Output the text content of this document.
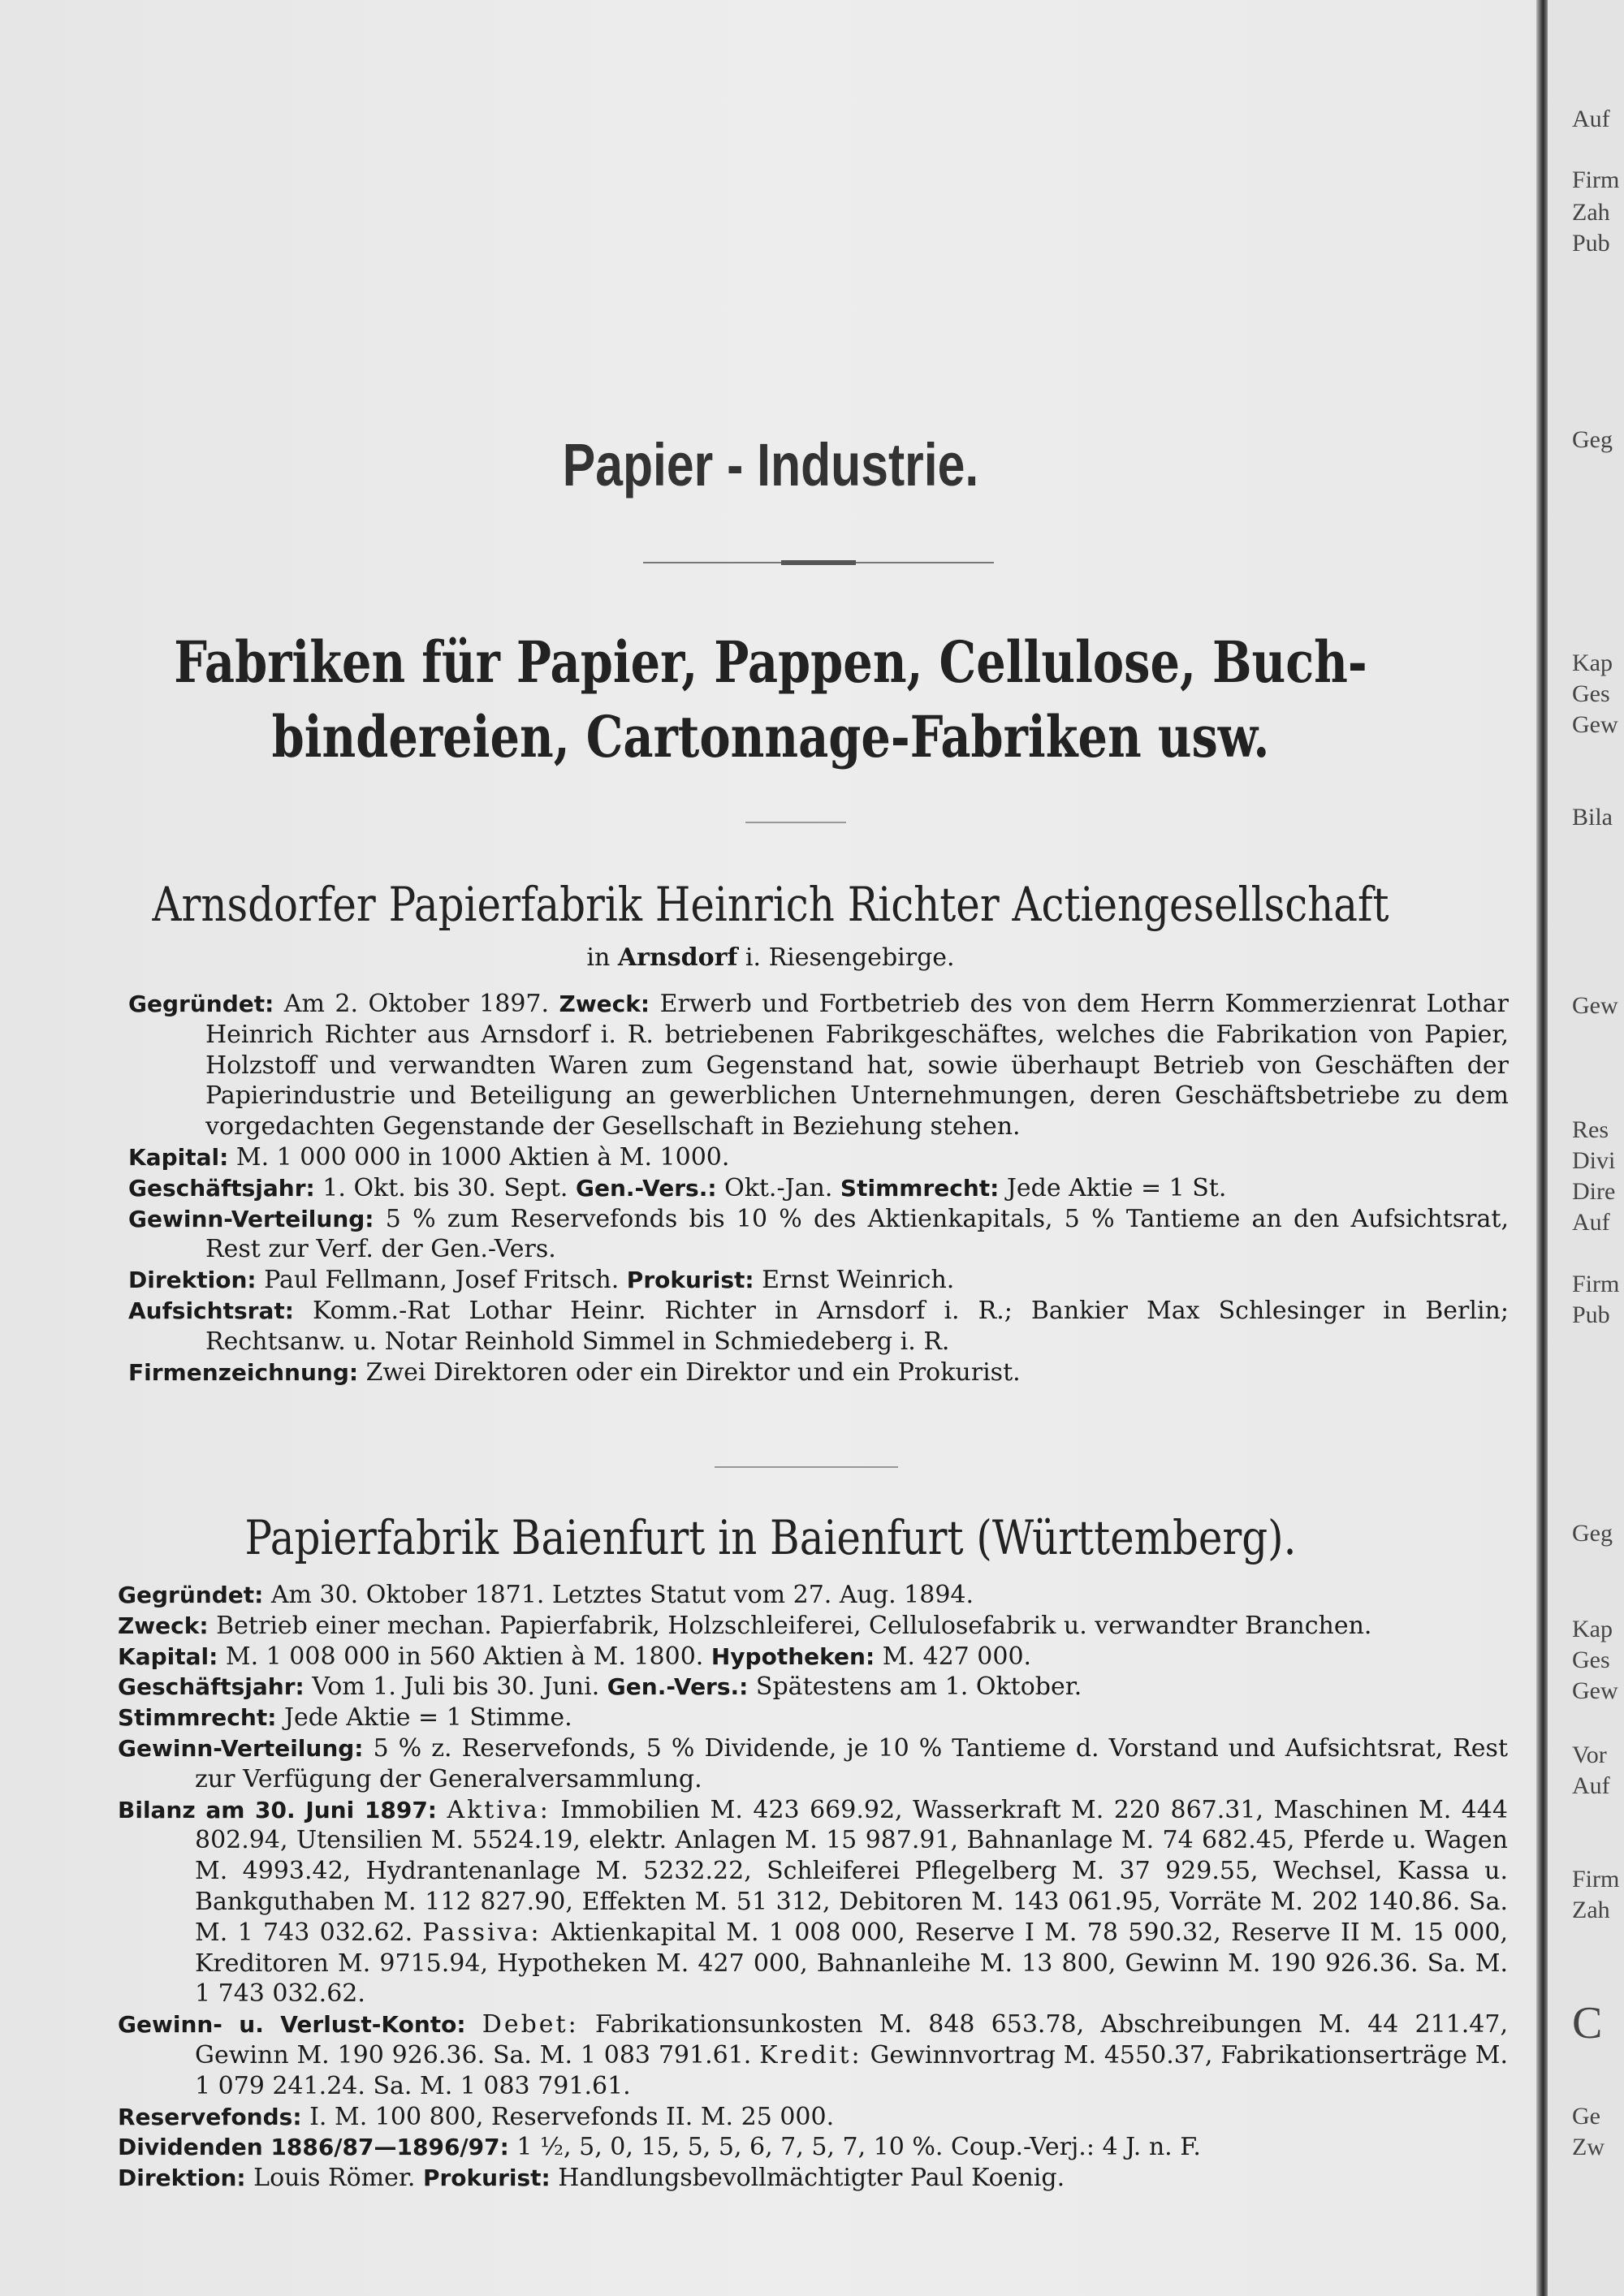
Papier - Industrie.
Fabriken für Papier, Pappen, Cellulose, Buch-
bindereien, Cartonnage-Fabriken usw.
Arnsdorfer Papierfabrik Heinrich Richter Actiengesellschaft
in Arnsdorf i. Riesengebirge.

Gegründet: Am 2. Oktober 1897. Zweck: Erwerb und Fortbetrieb des von dem Herrn Kommerzienrat Lothar Heinrich Richter aus Arnsdorf i. R. betriebenen Fabrikgeschäftes, welches die Fabrikation von Papier, Holzstoff und verwandten Waren zum Gegenstand hat, sowie überhaupt Betrieb von Geschäften der Papierindustrie und Beteiligung an gewerblichen Unternehmungen, deren Geschäftsbetriebe zu dem vorgedachten Gegenstande der Gesellschaft in Beziehung stehen.

Kapital: M. 1 000 000 in 1000 Aktien à M. 1000.

Geschäftsjahr: 1. Okt. bis 30. Sept. Gen.-Vers.: Okt.-Jan. Stimmrecht: Jede Aktie = 1 St.

Gewinn-Verteilung: 5 % zum Reservefonds bis 10 % des Aktienkapitals, 5 % Tantieme an den Aufsichtsrat, Rest zur Verf. der Gen.-Vers.

Direktion: Paul Fellmann, Josef Fritsch. Prokurist: Ernst Weinrich.

Aufsichtsrat: Komm.-Rat Lothar Heinr. Richter in Arnsdorf i. R.; Bankier Max Schlesinger in Berlin; Rechtsanw. u. Notar Reinhold Simmel in Schmiedeberg i. R.

Firmenzeichnung: Zwei Direktoren oder ein Direktor und ein Prokurist.

Papierfabrik Baienfurt in Baienfurt (Württemberg).

Gegründet: Am 30. Oktober 1871. Letztes Statut vom 27. Aug. 1894.

Zweck: Betrieb einer mechan. Papierfabrik, Holzschleiferei, Cellulosefabrik u. verwandter Branchen.

Kapital: M. 1 008 000 in 560 Aktien à M. 1800. Hypotheken: M. 427 000.

Geschäftsjahr: Vom 1. Juli bis 30. Juni. Gen.-Vers.: Spätestens am 1. Oktober.

Stimmrecht: Jede Aktie = 1 Stimme.

Gewinn-Verteilung: 5 % z. Reservefonds, 5 % Dividende, je 10 % Tantieme d. Vorstand und Aufsichtsrat, Rest zur Verfügung der Generalversammlung.

Bilanz am 30. Juni 1897: Aktiva: Immobilien M. 423 669.92, Wasserkraft M. 220 867.31, Maschinen M. 444 802.94, Utensilien M. 5524.19, elektr. Anlagen M. 15 987.91, Bahnanlage M. 74 682.45, Pferde u. Wagen M. 4993.42, Hydrantenanlage M. 5232.22, Schleiferei Pflegelberg M. 37 929.55, Wechsel, Kassa u. Bankguthaben M. 112 827.90, Effekten M. 51 312, Debitoren M. 143 061.95, Vorräte M. 202 140.86. Sa. M. 1 743 032.62. Passiva: Aktienkapital M. 1 008 000, Reserve I M. 78 590.32, Reserve II M. 15 000, Kreditoren M. 9715.94, Hypotheken M. 427 000, Bahnanleihe M. 13 800, Gewinn M. 190 926.36. Sa. M. 1 743 032.62.

Gewinn- u. Verlust-Konto: Debet: Fabrikationsunkosten M. 848 653.78, Abschreibungen M. 44 211.47, Gewinn M. 190 926.36. Sa. M. 1 083 791.61. Kredit: Gewinnvortrag M. 4550.37, Fabrikationserträge M. 1 079 241.24. Sa. M. 1 083 791.61.

Reservefonds: I. M. 100 800, Reservefonds II. M. 25 000.

Dividenden 1886/87—1896/97: 1 ½, 5, 0, 15, 5, 5, 6, 7, 5, 7, 10 %. Coup.-Verj.: 4 J. n. F.

Direktion: Louis Römer. Prokurist: Handlungsbevollmächtigter Paul Koenig.

Auf
Firm
Zah
Pub
Geg
Kap
Ges
Gew
Bila
Gew
Res
Divi
Dire
Auf
Firm
Pub
Geg
Kap
Ges
Gew
Vor
Auf
Firm
Zah
C
Ge
Zw
